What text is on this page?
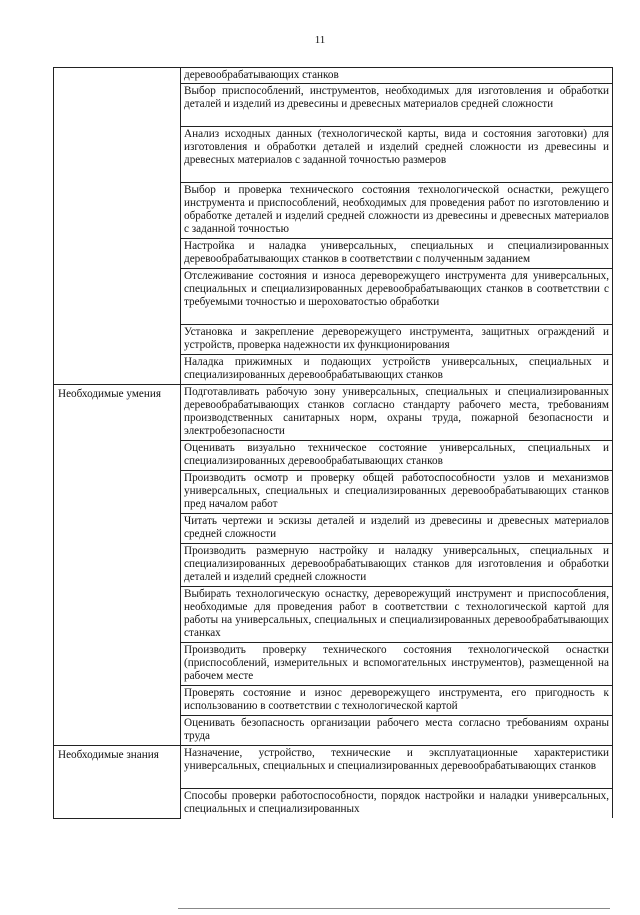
11
	деревообрабатывающих станков
	Выбор приспособлений, инструментов, необходимых для изготовления и обработки деталей и изделий из древесины и древесных материалов средней сложности
	Анализ исходных данных (технологической карты, вида и состояния заготовки) для изготовления и обработки деталей и изделий средней сложности из древесины и древесных материалов с заданной точностью размеров
	Выбор и проверка технического состояния технологической оснастки, режущего инструмента и приспособлений, необходимых для проведения работ по изготовлению и обработке деталей и изделий средней сложности из древесины и древесных материалов с заданной точностью
	Настройка и наладка универсальных, специальных и специализированных деревообрабатывающих станков в соответствии с полученным заданием
	Отслеживание состояния и износа дереворежущего инструмента для универсальных, специальных и специализированных деревообрабатывающих станков в соответствии с требуемыми точностью и шероховатостью обработки
	Установка и закрепление дереворежущего инструмента, защитных ограждений и устройств, проверка надежности их функционирования
	Наладка прижимных и подающих устройств универсальных, специальных и специализированных деревообрабатывающих станков
Необходимые умения	Подготавливать рабочую зону универсальных, специальных и специализированных деревообрабатывающих станков согласно стандарту рабочего места, требованиям производственных санитарных норм, охраны труда, пожарной безопасности и электробезопасности
	Оценивать визуально техническое состояние универсальных, специальных и специализированных деревообрабатывающих станков
	Производить осмотр и проверку общей работоспособности узлов и механизмов универсальных, специальных и специализированных деревообрабатывающих станков пред началом работ
	Читать чертежи и эскизы деталей и изделий из древесины и древесных материалов средней сложности
	Производить размерную настройку и наладку универсальных, специальных и специализированных деревообрабатывающих станков для изготовления и обработки деталей и изделий средней сложности
	Выбирать технологическую оснастку, дереворежущий инструмент и приспособления, необходимые для проведения работ в соответствии с технологической картой для работы на универсальных, специальных и специализированных деревообрабатывающих станках
	Производить проверку технического состояния технологической оснастки (приспособлений, измерительных и вспомогательных инструментов), размещенной на рабочем месте
	Проверять состояние и износ дереворежущего инструмента, его пригодность к использованию в соответствии с технологической картой
	Оценивать безопасность организации рабочего места согласно требованиям охраны труда
Необходимые знания	Назначение, устройство, технические и эксплуатационные характеристики универсальных, специальных и специализированных деревообрабатывающих станков
	Способы проверки работоспособности, порядок настройки и наладки универсальных, специальных и специализированных
